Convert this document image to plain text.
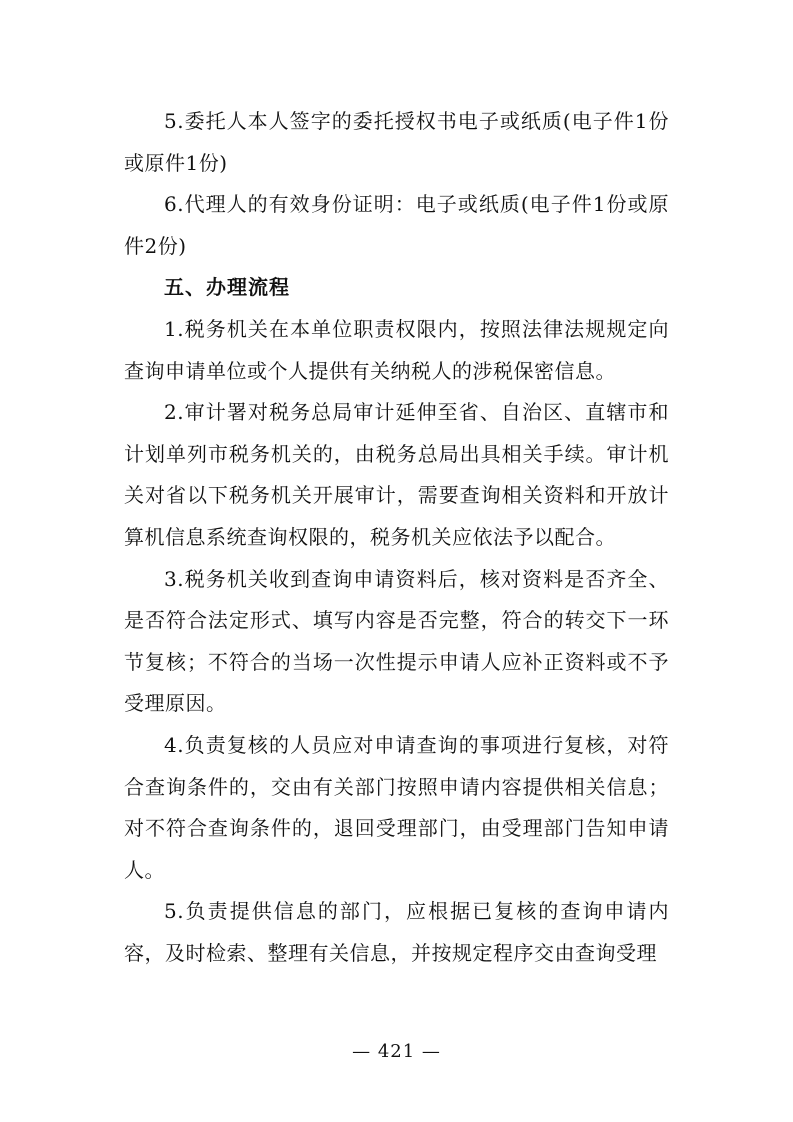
5.委托人本人签字的委托授权书电子或纸质(电子件1份或原件1份)

6.代理人的有效身份证明：电子或纸质(电子件1份或原件2份)

五、办理流程

1.税务机关在本单位职责权限内，按照法律法规规定向查询申请单位或个人提供有关纳税人的涉税保密信息。

2.审计署对税务总局审计延伸至省、自治区、直辖市和计划单列市税务机关的，由税务总局出具相关手续。审计机关对省以下税务机关开展审计，需要查询相关资料和开放计算机信息系统查询权限的，税务机关应依法予以配合。

3.税务机关收到查询申请资料后，核对资料是否齐全、是否符合法定形式、填写内容是否完整，符合的转交下一环节复核；不符合的当场一次性提示申请人应补正资料或不予受理原因。

4.负责复核的人员应对申请查询的事项进行复核，对符合查询条件的，交由有关部门按照申请内容提供相关信息；对不符合查询条件的，退回受理部门，由受理部门告知申请人。

5.负责提供信息的部门，应根据已复核的查询申请内容，及时检索、整理有关信息，并按规定程序交由查询受理

— 421 —
